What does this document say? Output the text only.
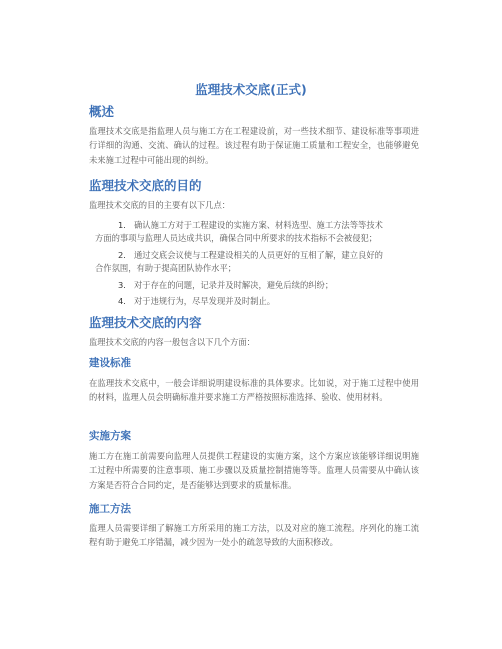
监理技术交底(正式)
概述
监理技术交底是指监理人员与施工方在工程建设前，对一些技术细节、建设标准等事项进行详细的沟通、交流、确认的过程。该过程有助于保证施工质量和工程安全，也能够避免未来施工过程中可能出现的纠纷。
监理技术交底的目的
监理技术交底的目的主要有以下几点：
1. 确认施工方对于工程建设的实施方案、材料选型、施工方法等等技术
方面的事项与监理人员达成共识，确保合同中所要求的技术指标不会被侵犯；
2. 通过交底会议使与工程建设相关的人员更好的互相了解，建立良好的
合作氛围，有助于提高团队协作水平；
3. 对于存在的问题，记录并及时解决，避免后续的纠纷；
4. 对于违规行为，尽早发现并及时制止。
监理技术交底的内容
监理技术交底的内容一般包含以下几个方面：
建设标准
在监理技术交底中，一般会详细说明建设标准的具体要求。比如说，对于施工过程中使用的材料，监理人员会明确标准并要求施工方严格按照标准选择、验收、使用材料。
实施方案
施工方在施工前需要向监理人员提供工程建设的实施方案，这个方案应该能够详细说明施工过程中所需要的注意事项、施工步骤以及质量控制措施等等。监理人员需要从中确认该方案是否符合合同约定，是否能够达到要求的质量标准。
施工方法
监理人员需要详细了解施工方所采用的施工方法，以及对应的施工流程。序列化的施工流程有助于避免工序错漏，减少因为一处小的疏忽导致的大面积修改。
